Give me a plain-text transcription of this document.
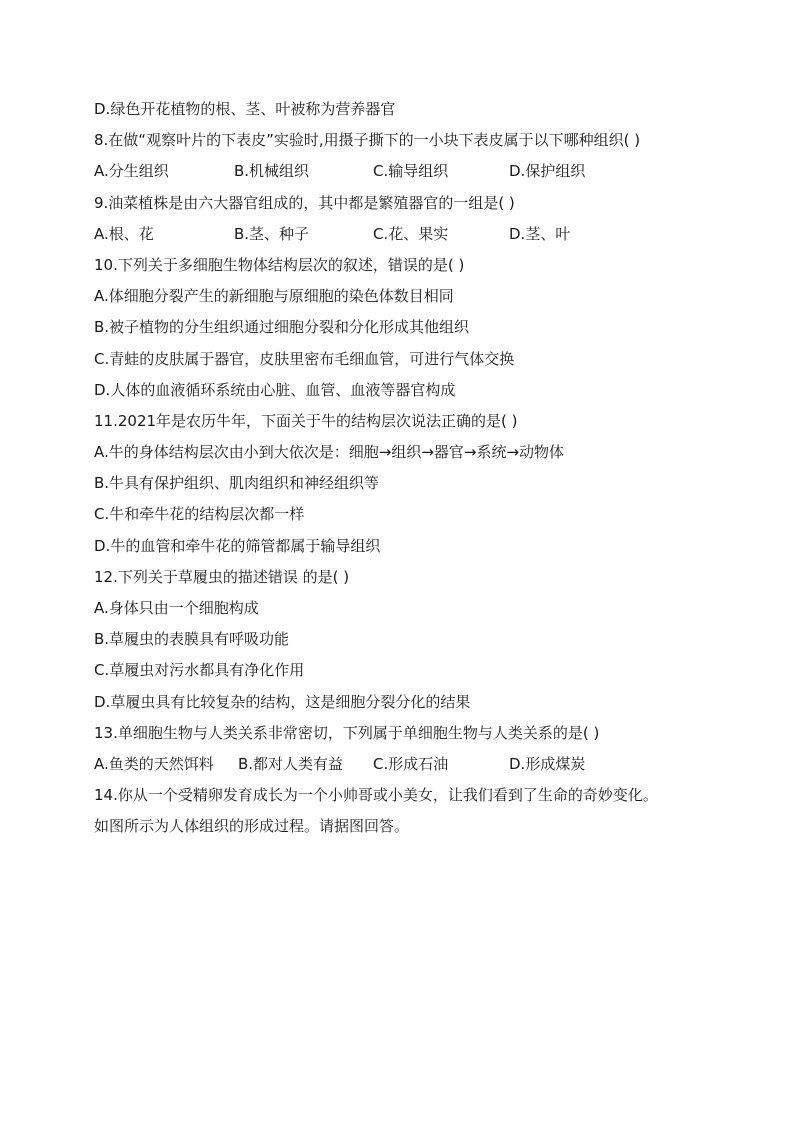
D.绿色开花植物的根、茎、叶被称为营养器官
8.在做“观察叶片的下表皮”实验时,用摄子撕下的一小块下表皮属于以下哪种组织( )
A.分生组织	B.机械组织	C.输导组织	D.保护组织
9.油菜植株是由六大器官组成的，其中都是繁殖器官的一组是( )
A.根、花	B.茎、种子	C.花、果实	D.茎、叶
10.下列关于多细胞生物体结构层次的叙述，错误的是( )
A.体细胞分裂产生的新细胞与原细胞的染色体数目相同
B.被子植物的分生组织通过细胞分裂和分化形成其他组织
C.青蛙的皮肤属于器官，皮肤里密布毛细血管，可进行气体交换
D.人体的血液循环系统由心脏、血管、血液等器官构成
11.2021年是农历牛年，下面关于牛的结构层次说法正确的是( )
A.牛的身体结构层次由小到大依次是：细胞→组织→器官→系统→动物体
B.牛具有保护组织、肌肉组织和神经组织等
C.牛和牵牛花的结构层次都一样
D.牛的血管和牵牛花的筛管都属于输导组织
12.下列关于草履虫的描述错误 的是( )
A.身体只由一个细胞构成
B.草履虫的表膜具有呼吸功能
C.草履虫对污水都具有净化作用
D.草履虫具有比较复杂的结构，这是细胞分裂分化的结果
13.单细胞生物与人类关系非常密切，下列属于单细胞生物与人类关系的是( )
A.鱼类的天然饵料	B.都对人类有益	C.形成石油	D.形成煤炭
14.你从一个受精卵发育成长为一个小帅哥或小美女，让我们看到了生命的奇妙变化。
如图所示为人体组织的形成过程。请据图回答。
